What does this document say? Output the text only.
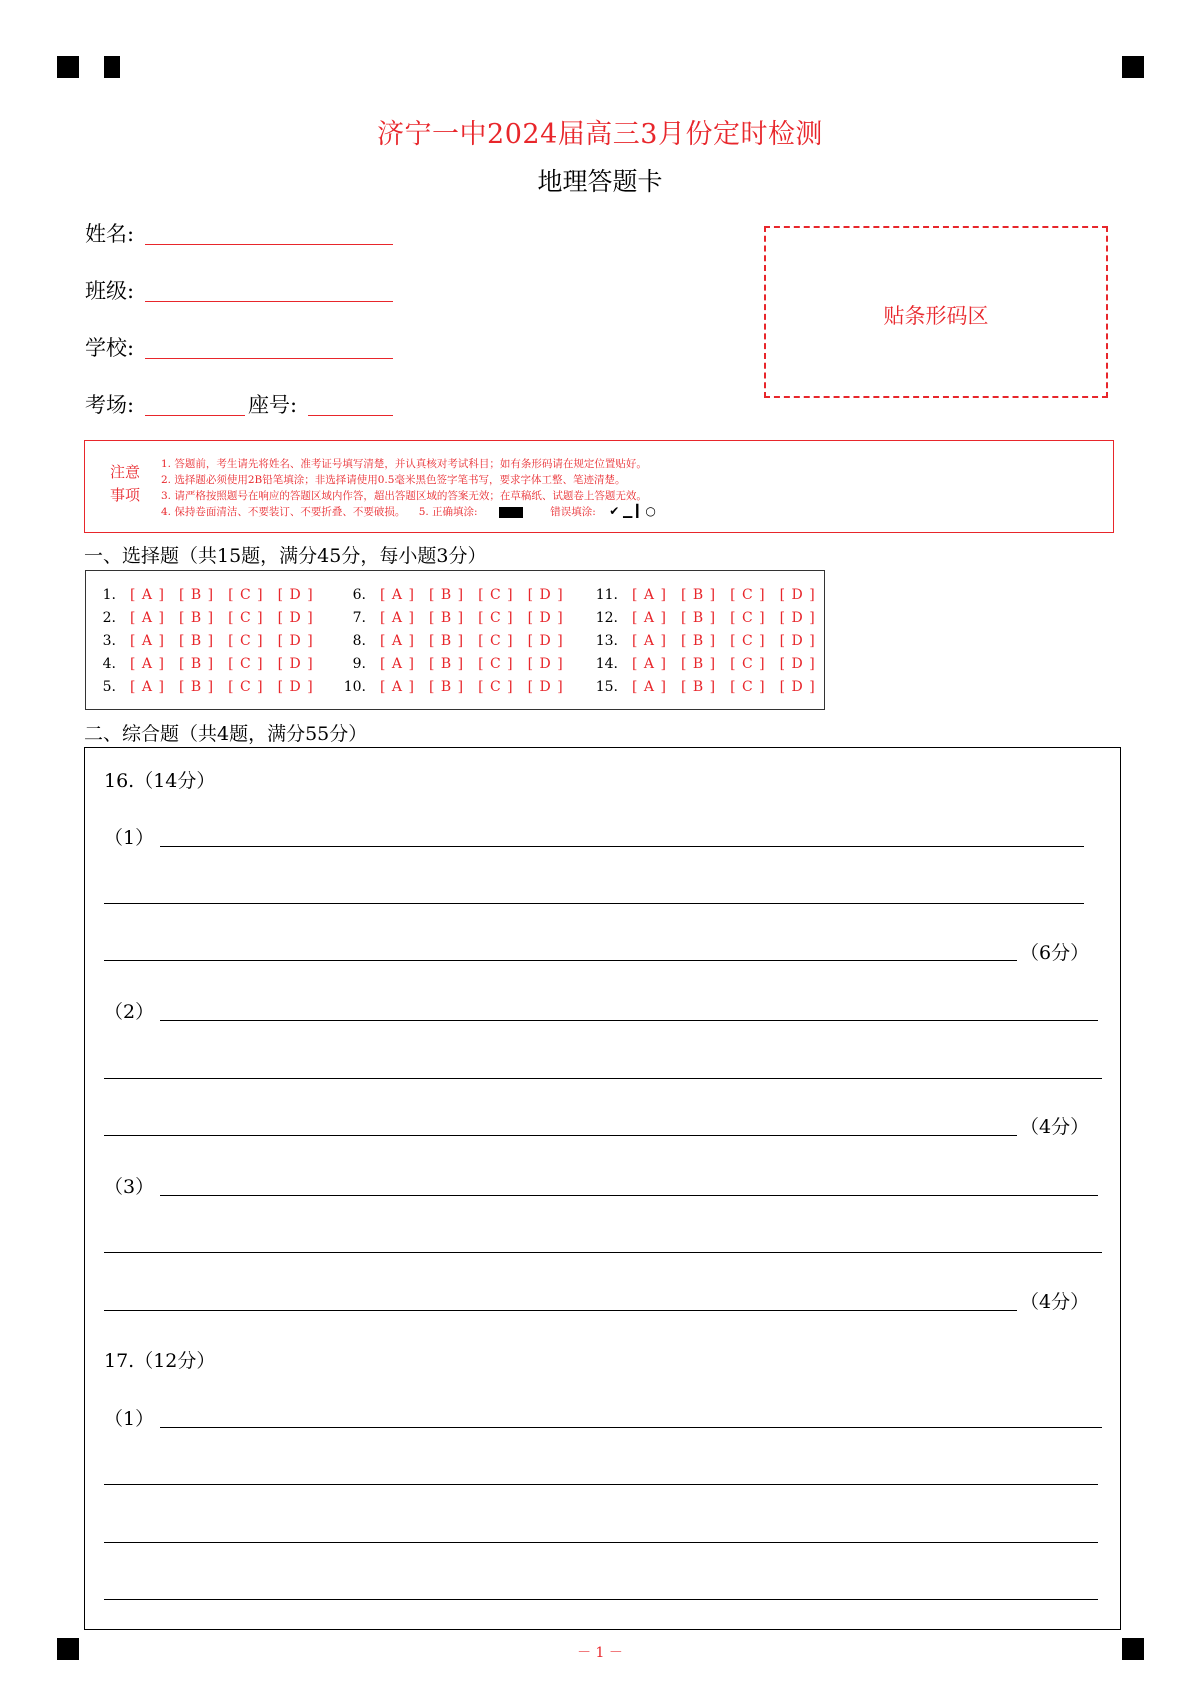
济宁一中2024届高三3月份定时检测
地理答题卡
姓名:
班级:
学校:
考场:	座号:
贴条形码区
注意
事项
1. 答题前，考生请先将姓名、准考证号填写清楚，并认真核对考试科目；如有条形码请在规定位置贴好。
2. 选择题必须使用2B铅笔填涂；非选择请使用0.5毫米黑色签字笔书写，要求字体工整、笔迹清楚。
3. 请严格按照题号在响应的答题区域内作答，超出答题区域的答案无效；在草稿纸、试题卷上答题无效。
4. 保持卷面清洁、不要装订、不要折叠、不要破损。 5. 正确填涂:	错误填涂: ✔ ▁ ▎○
一、选择题（共15题，满分45分，每小题3分）
1. [ A ] [ B ] [ C ] [ D ]
2. [ A ] [ B ] [ C ] [ D ]
3. [ A ] [ B ] [ C ] [ D ]
4. [ A ] [ B ] [ C ] [ D ]
5. [ A ] [ B ] [ C ] [ D ]
6. [ A ] [ B ] [ C ] [ D ]
7. [ A ] [ B ] [ C ] [ D ]
8. [ A ] [ B ] [ C ] [ D ]
9. [ A ] [ B ] [ C ] [ D ]
10. [ A ] [ B ] [ C ] [ D ]
11. [ A ] [ B ] [ C ] [ D ]
12. [ A ] [ B ] [ C ] [ D ]
13. [ A ] [ B ] [ C ] [ D ]
14. [ A ] [ B ] [ C ] [ D ]
15. [ A ] [ B ] [ C ] [ D ]
二、综合题（共4题，满分55分）
16.（14分）
（1）
（6分）
（2）
（4分）
（3）
（4分）
17.（12分）
（1）
－ 1 －
